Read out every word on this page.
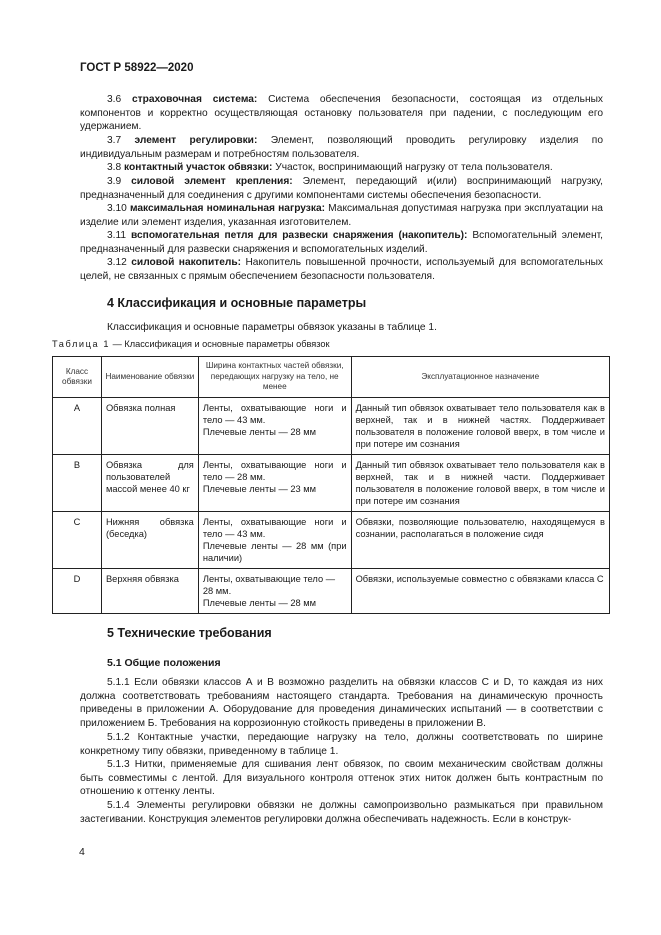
ГОСТ Р 58922—2020
3.6 страховочная система: Система обеспечения безопасности, состоящая из отдельных компонентов и корректно осуществляющая остановку пользователя при падении, с последующим его удержанием.
3.7 элемент регулировки: Элемент, позволяющий проводить регулировку изделия по индивидуальным размерам и потребностям пользователя.
3.8 контактный участок обвязки: Участок, воспринимающий нагрузку от тела пользователя.
3.9 силовой элемент крепления: Элемент, передающий и(или) воспринимающий нагрузку, предназначенный для соединения с другими компонентами системы обеспечения безопасности.
3.10 максимальная номинальная нагрузка: Максимальная допустимая нагрузка при эксплуатации на изделие или элемент изделия, указанная изготовителем.
3.11 вспомогательная петля для развески снаряжения (накопитель): Вспомогательный элемент, предназначенный для развески снаряжения и вспомогательных изделий.
3.12 силовой накопитель: Накопитель повышенной прочности, используемый для вспомогательных целей, не связанных с прямым обеспечением безопасности пользователя.
4 Классификация и основные параметры
Классификация и основные параметры обвязок указаны в таблице 1.
Таблица 1 — Классификация и основные параметры обвязок
Класс обвязки	Наименование обвязки	Ширина контактных частей обвязки, передающих нагрузку на тело, не менее	Эксплуатационное назначение
A	Обвязка полная	Ленты, охватывающие ноги и тело — 43 мм.
Плечевые ленты — 28 мм	Данный тип обвязок охватывает тело пользователя как в верхней, так и в нижней частях. Поддерживает пользователя в положение головой вверх, в том числе и при потере им сознания
B	Обвязка для пользователей массой менее 40 кг	Ленты, охватывающие ноги и тело — 28 мм.
Плечевые ленты — 23 мм	Данный тип обвязок охватывает тело пользователя как в верхней, так и в нижней части. Поддерживает пользователя в положение головой вверх, в том числе и при потере им сознания
C	Нижняя обвязка (беседка)	Ленты, охватывающие ноги и тело — 43 мм.
Плечевые ленты — 28 мм (при наличии)	Обвязки, позволяющие пользователю, находящемуся в сознании, располагаться в положение сидя
D	Верхняя обвязка	Ленты, охватывающие тело — 28 мм.
Плечевые ленты — 28 мм	Обвязки, используемые совместно с обвязками класса С
5 Технические требования
5.1 Общие положения
5.1.1 Если обвязки классов А и В возможно разделить на обвязки классов С и D, то каждая из них должна соответствовать требованиям настоящего стандарта. Требования на динамическую прочность приведены в приложении А. Оборудование для проведения динамических испытаний — в соответствии с приложением Б. Требования на коррозионную стойкость приведены в приложении В.
5.1.2 Контактные участки, передающие нагрузку на тело, должны соответствовать по ширине конкретному типу обвязки, приведенному в таблице 1.
5.1.3 Нитки, применяемые для сшивания лент обвязок, по своим механическим свойствам должны быть совместимы с лентой. Для визуального контроля оттенок этих ниток должен быть контрастным по отношению к оттенку ленты.
5.1.4 Элементы регулировки обвязки не должны самопроизвольно размыкаться при правильном застегивании. Конструкция элементов регулировки должна обеспечивать надежность. Если в конструк-
4
